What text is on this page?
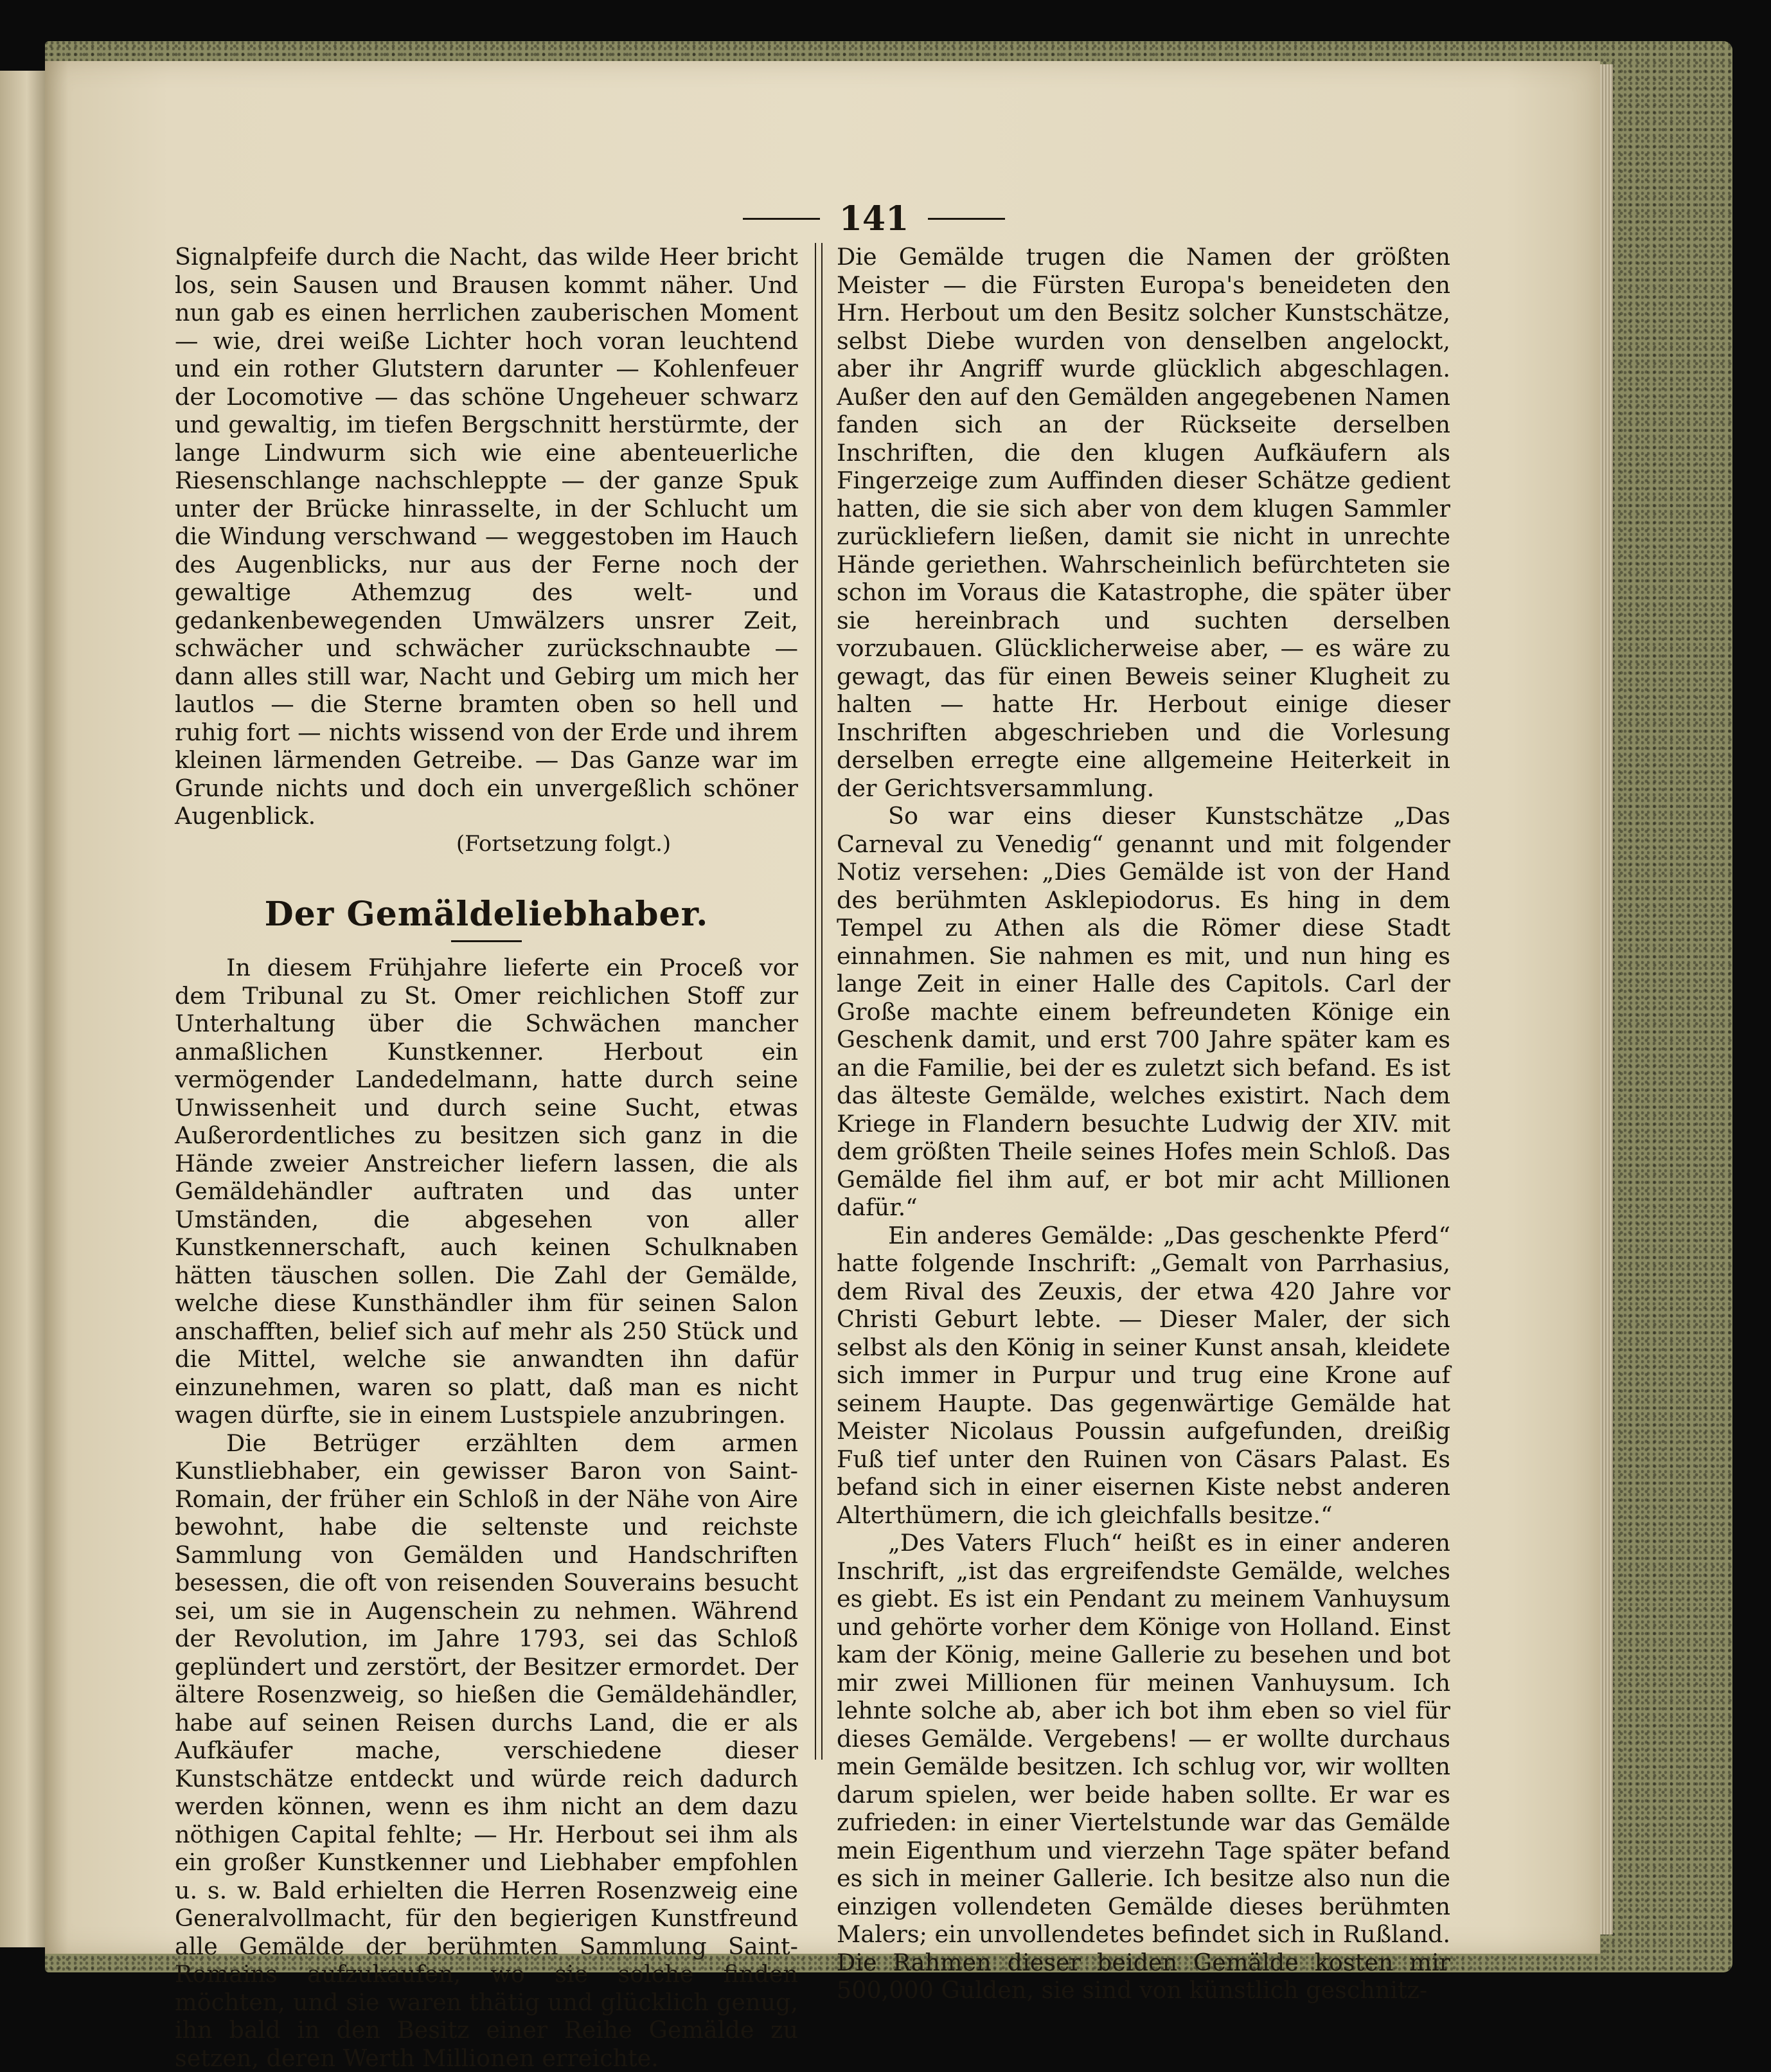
141

Signalpfeife durch die Nacht, das wilde Heer bricht los, sein Sausen und Brausen kommt näher. Und nun gab es einen herrlichen zauberischen Moment — wie, drei weiße Lichter hoch voran leuchtend und ein rother Glutstern darunter — Kohlenfeuer der Locomotive — das schöne Ungeheuer schwarz und gewaltig, im tiefen Bergschnitt herstürmte, der lange Lindwurm sich wie eine abenteuerliche Riesenschlange nachschleppte — der ganze Spuk unter der Brücke hinrasselte, in der Schlucht um die Windung verschwand — weggestoben im Hauch des Augenblicks, nur aus der Ferne noch der gewaltige Athemzug des welt- und gedankenbewegenden Umwälzers unsrer Zeit, schwächer und schwächer zurückschnaubte — dann alles still war, Nacht und Gebirg um mich her lautlos — die Sterne bramten oben so hell und ruhig fort — nichts wissend von der Erde und ihrem kleinen lärmenden Getreibe. — Das Ganze war im Grunde nichts und doch ein unvergeßlich schöner Augenblick.

(Fortsetzung folgt.)

Der Gemäldeliebhaber.

In diesem Frühjahre lieferte ein Proceß vor dem Tribunal zu St. Omer reichlichen Stoff zur Unterhaltung über die Schwächen mancher anmaßlichen Kunstkenner. Herbout ein vermögender Landedelmann, hatte durch seine Unwissenheit und durch seine Sucht, etwas Außerordentliches zu besitzen sich ganz in die Hände zweier Anstreicher liefern lassen, die als Gemäldehändler auftraten und das unter Umständen, die abgesehen von aller Kunstkennerschaft, auch keinen Schulknaben hätten täuschen sollen. Die Zahl der Gemälde, welche diese Kunsthändler ihm für seinen Salon anschafften, belief sich auf mehr als 250 Stück und die Mittel, welche sie anwandten ihn dafür einzunehmen, waren so platt, daß man es nicht wagen dürfte, sie in einem Lustspiele anzubringen.

Die Betrüger erzählten dem armen Kunstliebhaber, ein gewisser Baron von Saint-Romain, der früher ein Schloß in der Nähe von Aire bewohnt, habe die seltenste und reichste Sammlung von Gemälden und Handschriften besessen, die oft von reisenden Souverains besucht sei, um sie in Augenschein zu nehmen. Während der Revolution, im Jahre 1793, sei das Schloß geplündert und zerstört, der Besitzer ermordet. Der ältere Rosenzweig, so hießen die Gemäldehändler, habe auf seinen Reisen durchs Land, die er als Aufkäufer mache, verschiedene dieser Kunstschätze entdeckt und würde reich dadurch werden können, wenn es ihm nicht an dem dazu nöthigen Capital fehlte; — Hr. Herbout sei ihm als ein großer Kunstkenner und Liebhaber empfohlen u. s. w. Bald erhielten die Herren Rosenzweig eine Generalvollmacht, für den begierigen Kunstfreund alle Gemälde der berühmten Sammlung Saint-Romains aufzukaufen, wo sie solche finden möchten, und sie waren thätig und glücklich genug, ihn bald in den Besitz einer Reihe Gemälde zu setzen, deren Werth Millionen erreichte.

Die Gemälde trugen die Namen der größten Meister — die Fürsten Europa's beneideten den Hrn. Herbout um den Besitz solcher Kunstschätze, selbst Diebe wurden von denselben angelockt, aber ihr Angriff wurde glücklich abgeschlagen. Außer den auf den Gemälden angegebenen Namen fanden sich an der Rückseite derselben Inschriften, die den klugen Aufkäufern als Fingerzeige zum Auffinden dieser Schätze gedient hatten, die sie sich aber von dem klugen Sammler zurückliefern ließen, damit sie nicht in unrechte Hände geriethen. Wahrscheinlich befürchteten sie schon im Voraus die Katastrophe, die später über sie hereinbrach und suchten derselben vorzubauen. Glücklicherweise aber, — es wäre zu gewagt, das für einen Beweis seiner Klugheit zu halten — hatte Hr. Herbout einige dieser Inschriften abgeschrieben und die Vorlesung derselben erregte eine allgemeine Heiterkeit in der Gerichtsversammlung.

So war eins dieser Kunstschätze „Das Carneval zu Venedig“ genannt und mit folgender Notiz versehen: „Dies Gemälde ist von der Hand des berühmten Asklepiodorus. Es hing in dem Tempel zu Athen als die Römer diese Stadt einnahmen. Sie nahmen es mit, und nun hing es lange Zeit in einer Halle des Capitols. Carl der Große machte einem befreundeten Könige ein Geschenk damit, und erst 700 Jahre später kam es an die Familie, bei der es zuletzt sich befand. Es ist das älteste Gemälde, welches existirt. Nach dem Kriege in Flandern besuchte Ludwig der XIV. mit dem größten Theile seines Hofes mein Schloß. Das Gemälde fiel ihm auf, er bot mir acht Millionen dafür.“

Ein anderes Gemälde: „Das geschenkte Pferd“ hatte folgende Inschrift: „Gemalt von Parrhasius, dem Rival des Zeuxis, der etwa 420 Jahre vor Christi Geburt lebte. — Dieser Maler, der sich selbst als den König in seiner Kunst ansah, kleidete sich immer in Purpur und trug eine Krone auf seinem Haupte. Das gegenwärtige Gemälde hat Meister Nicolaus Poussin aufgefunden, dreißig Fuß tief unter den Ruinen von Cäsars Palast. Es befand sich in einer eisernen Kiste nebst anderen Alterthümern, die ich gleichfalls besitze.“

„Des Vaters Fluch“ heißt es in einer anderen Inschrift, „ist das ergreifendste Gemälde, welches es giebt. Es ist ein Pendant zu meinem Vanhuysum und gehörte vorher dem Könige von Holland. Einst kam der König, meine Gallerie zu besehen und bot mir zwei Millionen für meinen Vanhuysum. Ich lehnte solche ab, aber ich bot ihm eben so viel für dieses Gemälde. Vergebens! — er wollte durchaus mein Gemälde besitzen. Ich schlug vor, wir wollten darum spielen, wer beide haben sollte. Er war es zufrieden: in einer Viertelstunde war das Gemälde mein Eigenthum und vierzehn Tage später befand es sich in meiner Gallerie. Ich besitze also nun die einzigen vollendeten Gemälde dieses berühmten Malers; ein unvollendetes befindet sich in Rußland. Die Rahmen dieser beiden Gemälde kosten mir 500,000 Gulden, sie sind von künstlich geschnitz-
